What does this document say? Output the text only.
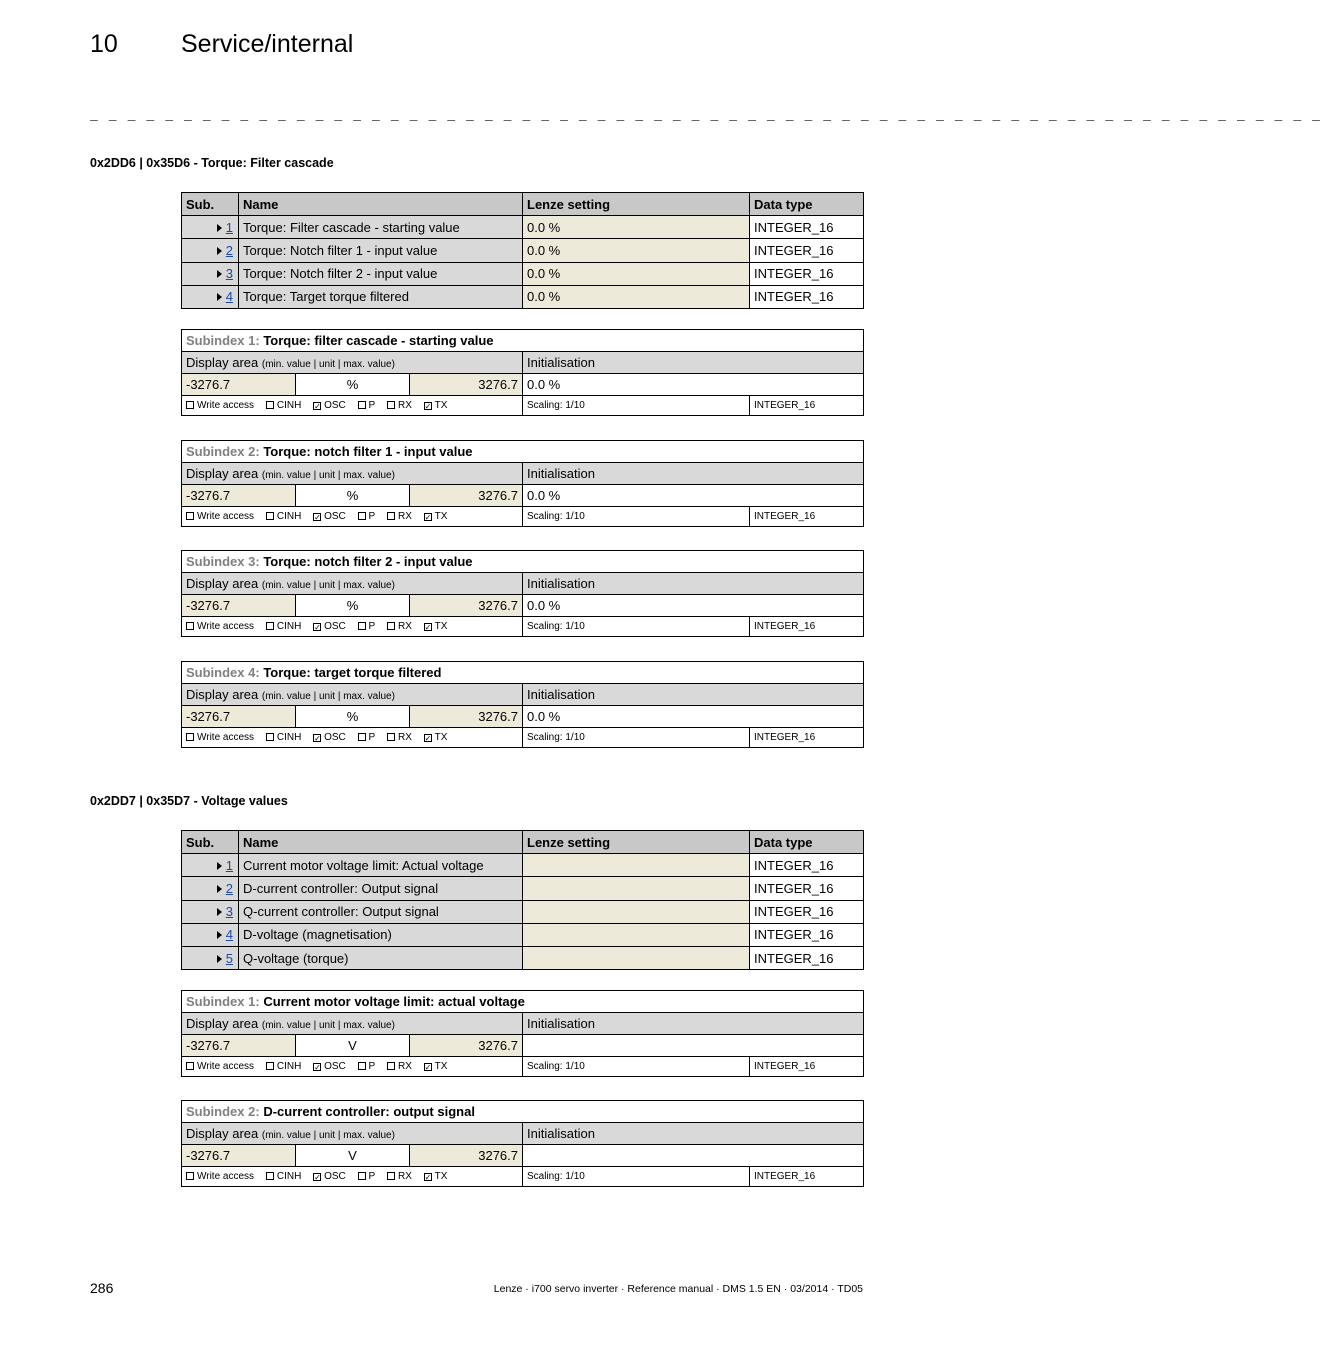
10	Service/internal
_ _ _ _ _ _ _ _ _ _ _ _ _ _ _ _ _ _ _ _ _ _ _ _ _ _ _ _ _ _ _ _ _ _ _ _ _ _ _ _ _ _ _ _ _ _ _ _ _ _ _ _ _ _ _ _ _ _ _ _ _ _ _ _ _ _
0x2DD6 | 0x35D6 - Torque: Filter cascade
Sub.	Name	Lenze setting	Data type
1	Torque: Filter cascade - starting value	0.0 %	INTEGER_16
2	Torque: Notch filter 1 - input value	0.0 %	INTEGER_16
3	Torque: Notch filter 2 - input value	0.0 %	INTEGER_16
4	Torque: Target torque filtered	0.0 %	INTEGER_16
Subindex 1: Torque: filter cascade - starting value				
Display area (min. value | unit | max. value)			Initialisation	
-3276.7	%	3276.7	0.0 %	
Write access CINH ✓ OSC P RX ✓ TX			Scaling: 1/10	INTEGER_16
Subindex 2: Torque: notch filter 1 - input value				
Display area (min. value | unit | max. value)			Initialisation	
-3276.7	%	3276.7	0.0 %	
Write access CINH ✓ OSC P RX ✓ TX			Scaling: 1/10	INTEGER_16
Subindex 3: Torque: notch filter 2 - input value				
Display area (min. value | unit | max. value)			Initialisation	
-3276.7	%	3276.7	0.0 %	
Write access CINH ✓ OSC P RX ✓ TX			Scaling: 1/10	INTEGER_16
Subindex 4: Torque: target torque filtered				
Display area (min. value | unit | max. value)			Initialisation	
-3276.7	%	3276.7	0.0 %	
Write access CINH ✓ OSC P RX ✓ TX			Scaling: 1/10	INTEGER_16
0x2DD7 | 0x35D7 - Voltage values
Sub.	Name	Lenze setting	Data type
1	Current motor voltage limit: Actual voltage		INTEGER_16
2	D-current controller: Output signal		INTEGER_16
3	Q-current controller: Output signal		INTEGER_16
4	D-voltage (magnetisation)		INTEGER_16
5	Q-voltage (torque)		INTEGER_16
Subindex 1: Current motor voltage limit: actual voltage				
Display area (min. value | unit | max. value)			Initialisation	
-3276.7	V	3276.7		
Write access CINH ✓ OSC P RX ✓ TX			Scaling: 1/10	INTEGER_16
Subindex 2: D-current controller: output signal				
Display area (min. value | unit | max. value)			Initialisation	
-3276.7	V	3276.7		
Write access CINH ✓ OSC P RX ✓ TX			Scaling: 1/10	INTEGER_16
286	Lenze · i700 servo inverter · Reference manual · DMS 1.5 EN · 03/2014 · TD05
